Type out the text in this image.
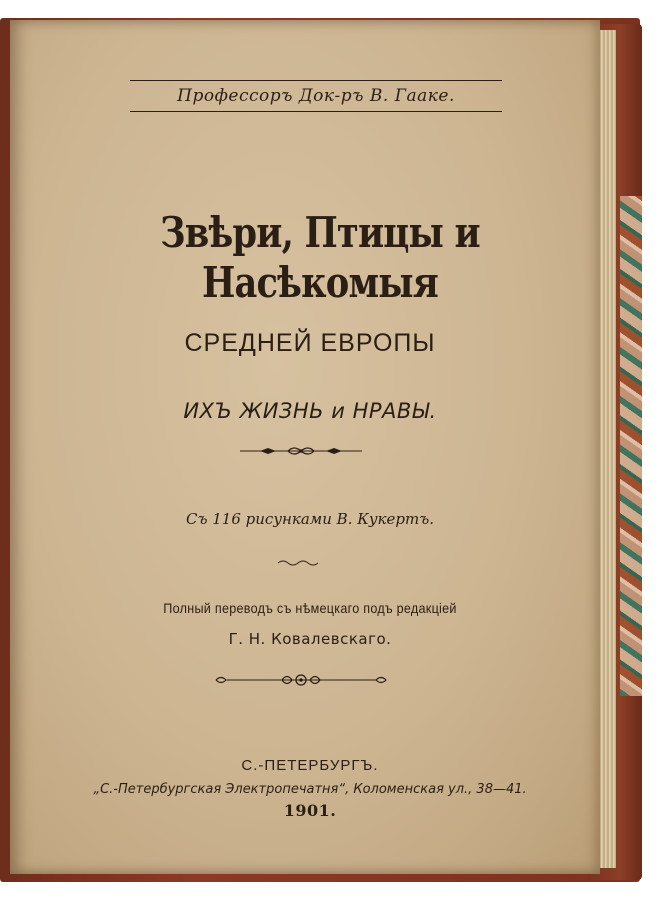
Профессоръ Док-ръ В. Гааке.
Звѣри, Птицы и Насѣкомыя
СРЕДНЕЙ ЕВРОПЫ
ИХЪ ЖИЗНЬ и НРАВЫ.
Съ 116 рисунками В. Кукертъ.
Полный переводъ съ нѣмецкаго подъ редакціей
Г. Н. Ковалевскаго.
С.-ПЕТЕРБУРГЪ.
„С.-Петербургская Электропечатня“, Коломенская ул., 38—41.
1901.
